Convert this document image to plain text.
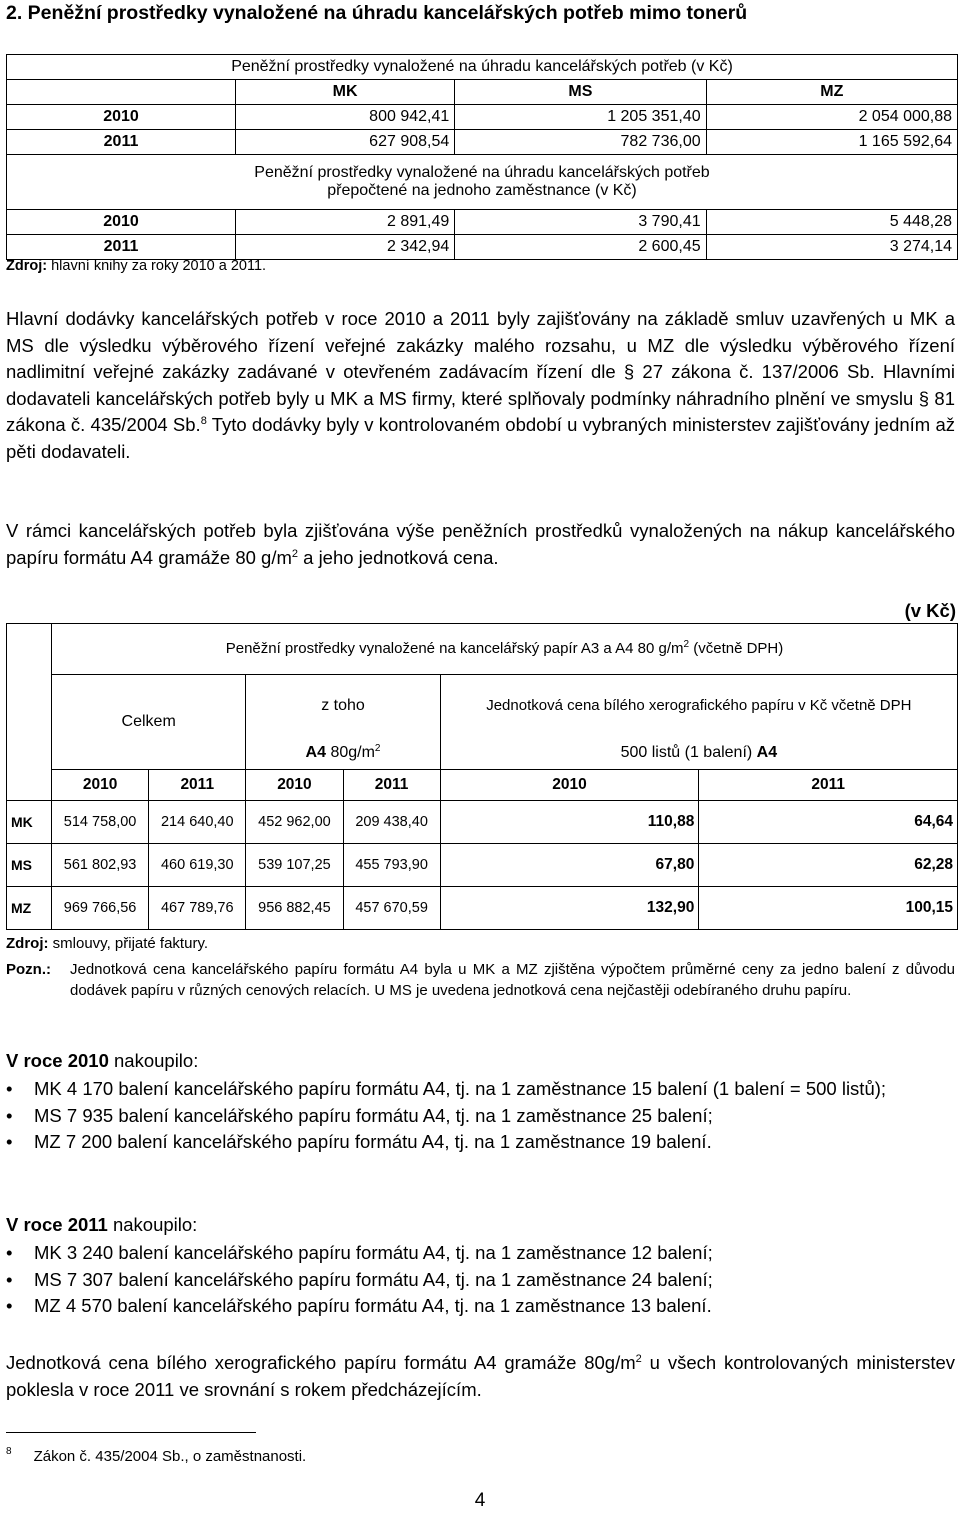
2. Peněžní prostředky vynaložené na úhradu kancelářských potřeb mimo tonerů
Peněžní prostředky vynaložené na úhradu kancelářských potřeb (v Kč)			
	MK	MS	MZ
2010	800 942,41	1 205 351,40	2 054 000,88
2011	627 908,54	782 736,00	1 165 592,64
Peněžní prostředky vynaložené na úhradu kancelářských potřeb
přepočtené na jednoho zaměstnance (v Kč)			
2010	2 891,49	3 790,41	5 448,28
2011	2 342,94	2 600,45	3 274,14
Zdroj: hlavní knihy za roky 2010 a 2011.

Hlavní dodávky kancelářských potřeb v roce 2010 a 2011 byly zajišťovány na základě smluv uzavřených u MK a MS dle výsledku výběrového řízení veřejné zakázky malého rozsahu, u MZ dle výsledku výběrového řízení nadlimitní veřejné zakázky zadávané v otevřeném zadávacím řízení dle § 27 zákona č. 137/2006 Sb. Hlavními dodavateli kancelářských potřeb byly u MK a MS firmy, které splňovaly podmínky náhradního plnění ve smyslu § 81 zákona č. 435/2004 Sb.$^8$ Tyto dodávky byly v kontrolovaném období u vybraných ministerstev zajišťovány jedním až pěti dodavateli.

V rámci kancelářských potřeb byla zjišťována výše peněžních prostředků vynaložených na nákup kancelářského papíru formátu A4 gramáže 80 $g/m^2$ a jeho jednotková cena.

(v Kč)
	Peněžní prostředky vynaložené na kancelářský papír A3 a A4 80 $g/m^2$ (včetně DPH)					
	Celkem		z toho		Jednotková cena bílého xerografického papíru v Kč včetně DPH	
			A4 $80g/m^2$		500 listů (1 balení) A4	
	2010	2011	2010	2011	2010	2011
MK	514 758,00	214 640,40	452 962,00	209 438,40	110,88	64,64
MS	561 802,93	460 619,30	539 107,25	455 793,90	67,80	62,28
MZ	969 766,56	467 789,76	956 882,45	457 670,59	132,90	100,15
Zdroj: smlouvy, přijaté faktury.
Pozn.: Jednotková cena kancelářského papíru formátu A4 byla u MK a MZ zjištěna výpočtem průměrné ceny za jedno balení z důvodu dodávek papíru v různých cenových relacích. U MS je uvedena jednotková cena nejčastěji odebíraného druhu papíru.
V roce 2010 nakoupilo:
• MK 4 170 balení kancelářského papíru formátu A4, tj. na 1 zaměstnance 15 balení (1 balení = 500 listů);
• MS 7 935 balení kancelářského papíru formátu A4, tj. na 1 zaměstnance 25 balení;
• MZ 7 200 balení kancelářského papíru formátu A4, tj. na 1 zaměstnance 19 balení.
V roce 2011 nakoupilo:
• MK 3 240 balení kancelářského papíru formátu A4, tj. na 1 zaměstnance 12 balení;
• MS 7 307 balení kancelářského papíru formátu A4, tj. na 1 zaměstnance 24 balení;
• MZ 4 570 balení kancelářského papíru formátu A4, tj. na 1 zaměstnance 13 balení.

Jednotková cena bílého xerografického papíru formátu A4 gramáže $80g/m^2$ u všech kontrolovaných ministerstev poklesla v roce 2011 ve srovnání s rokem předcházejícím.

$^8$ Zákon č. 435/2004 Sb., o zaměstnanosti.
4
